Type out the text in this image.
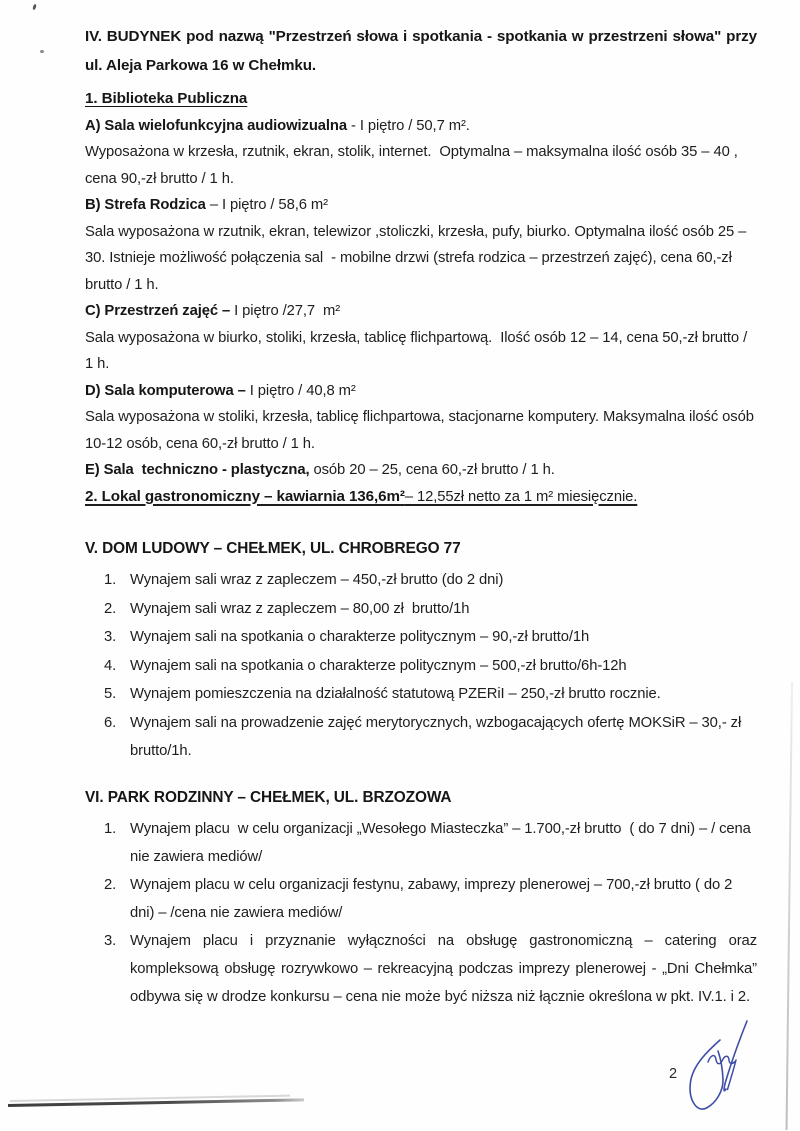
IV. BUDYNEK pod nazwą "Przestrzeń słowa i spotkania - spotkania w przestrzeni słowa" przy ul. Aleja Parkowa 16 w Chełmku.

1. Biblioteka Publiczna

A) Sala wielofunkcyjna audiowizualna - I piętro / 50,7 m².

Wyposażona w krzesła, rzutnik, ekran, stolik, internet.  Optymalna – maksymalna ilość osób 35 – 40 , cena 90,-zł brutto / 1 h.

B) Strefa Rodzica – I piętro / 58,6 m²

Sala wyposażona w rzutnik, ekran, telewizor ,stoliczki, krzesła, pufy, biurko. Optymalna ilość osób 25 – 30. Istnieje możliwość połączenia sal  - mobilne drzwi (strefa rodzica – przestrzeń zajęć), cena 60,-zł brutto / 1 h.

C) Przestrzeń zajęć – I piętro /27,7  m²

Sala wyposażona w biurko, stoliki, krzesła, tablicę flichpartową.  Ilość osób 12 – 14, cena 50,-zł brutto / 1 h.

D) Sala komputerowa – I piętro / 40,8 m²

Sala wyposażona w stoliki, krzesła, tablicę flichpartowa, stacjonarne komputery. Maksymalna ilość osób 10-12 osób, cena 60,-zł brutto / 1 h.

E) Sala  techniczno - plastyczna, osób 20 – 25, cena 60,-zł brutto / 1 h.

2. Lokal gastronomiczny – kawiarnia 136,6m²– 12,55zł netto za 1 m² miesięcznie.

V. DOM LUDOWY – CHEŁMEK, UL. CHROBREGO 77

1. Wynajem sali wraz z zapleczem – 450,-zł brutto (do 2 dni)
2. Wynajem sali wraz z zapleczem – 80,00 zł  brutto/1h
3. Wynajem sali na spotkania o charakterze politycznym – 90,-zł brutto/1h
4. Wynajem sali na spotkania o charakterze politycznym – 500,-zł brutto/6h-12h
5. Wynajem pomieszczenia na działalność statutową PZERiI – 250,-zł brutto rocznie.
6. Wynajem sali na prowadzenie zajęć merytorycznych, wzbogacających ofertę MOKSiR – 30,- zł  brutto/1h.

VI. PARK RODZINNY – CHEŁMEK, UL. BRZOZOWA

1. Wynajem placu  w celu organizacji „Wesołego Miasteczka” – 1.700,-zł brutto  ( do 7 dni) – / cena nie zawiera mediów/
2. Wynajem placu w celu organizacji festynu, zabawy, imprezy plenerowej – 700,-zł brutto ( do 2 dni) – /cena nie zawiera mediów/
3. Wynajem placu i przyznanie wyłączności na obsługę gastronomiczną – catering oraz kompleksową obsługę rozrywkowo – rekreacyjną podczas imprezy plenerowej - „Dni Chełmka” odbywa się w drodze konkursu – cena nie może być niższa niż łącznie określona w pkt. IV.1. i 2.
2
